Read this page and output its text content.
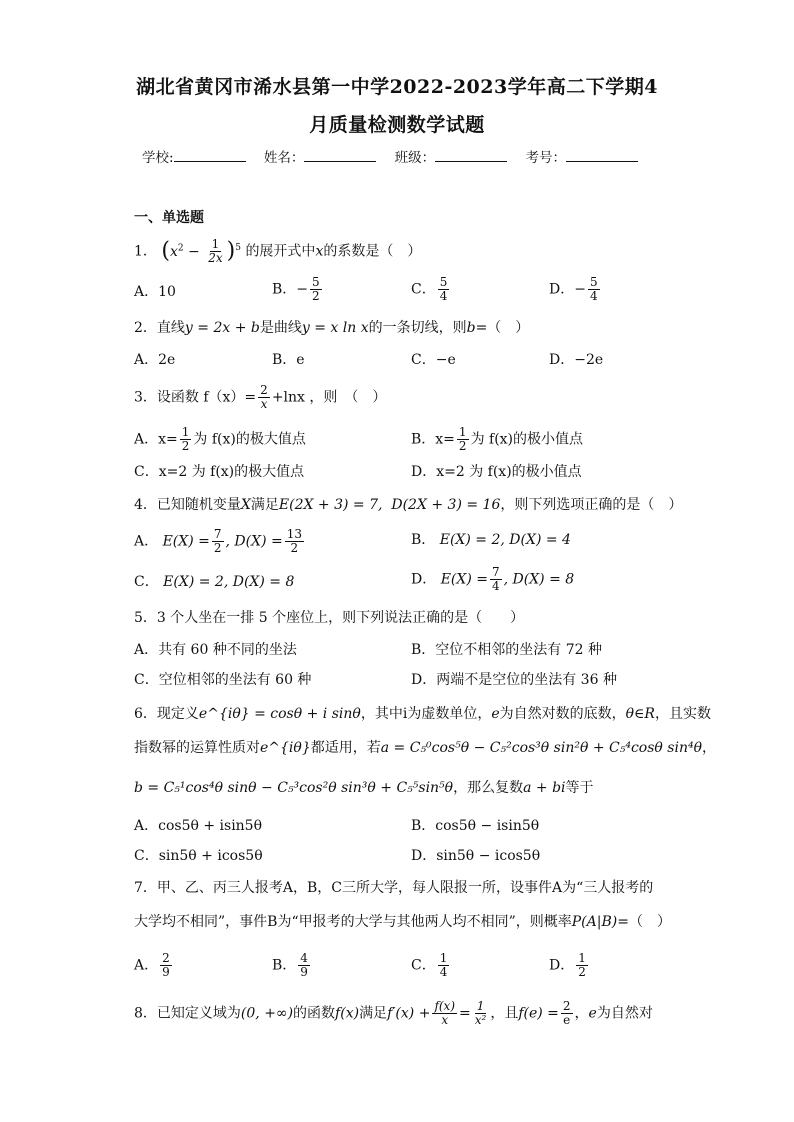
湖北省黄冈市浠水县第一中学2022-2023学年高二下学期4
月质量检测数学试题
学校:	姓名：	班级：	考号：
一、单选题
1． $(x^2 - \frac{1}{2x} )^5$ 的展开式中x的系数是（　）
A．10	B．− $\frac{5}{2}$	C． $\frac{5}{4}$	D．− $\frac{5}{4}$
2．直线y = 2x + b是曲线y = x ln x的一条切线，则b=（　）
A．2e	B．e	C．−e	D．−2e
3．设函数 $f(x)= \frac{2}{x} +\ln x$ ，则　（　）
A．$x= \frac{1}{2}$ 为 f(x)的极大值点	B．$x= \frac{1}{2}$ 为 f(x)的极小值点
C．x=2 为 f(x)的极大值点	D．x=2 为 f(x)的极小值点
4．已知随机变量X满足E(2X + 3) = 7, D(2X + 3) = 16，则下列选项正确的是（　）
A． $E(X) = \frac{7}{2}$ , $D(X) = \frac{13}{2}$	B． E(X) = 2, D(X) = 4
C． E(X) = 2, D(X) = 8	D． $E(X) = \frac{7}{4}$ , D(X) = 8
5．3 个人坐在一排 5 个座位上，则下列说法正确的是（　　）
A．共有 60 种不同的坐法	B．空位不相邻的坐法有 72 种
C．空位相邻的坐法有 60 种	D．两端不是空位的坐法有 36 种
6．现定义e^{iθ} = cosθ + i sinθ，其中i为虚数单位，e为自然对数的底数，θ∈R，且实数
指数幂的运算性质对e^{iθ}都适用，若a = C₅⁰cos⁵θ − C₅²cos³θ sin²θ + C₅⁴cosθ sin⁴θ，
b = C₅¹cos⁴θ sinθ − C₅³cos²θ sin³θ + C₅⁵sin⁵θ，那么复数a + bi等于
A．cos5θ + isin5θ	B．cos5θ − isin5θ
C．sin5θ + icos5θ	D．sin5θ − icos5θ
7．甲、乙、丙三人报考A，B，C三所大学，每人限报一所，设事件A为“三人报考的
大学均不相同”，事件B为“甲报考的大学与其他两人均不相同”，则概率P(A|B)=（　）
A． $\frac{2}{9}$	B． $\frac{4}{9}$	C． $\frac{1}{4}$	D． $\frac{1}{2}$
8．已知定义域为(0, +∞)的函数f(x)满足$f'(x) + \frac{f(x)}{x} = \frac{1}{\text{x²}}$ ，且$f(e) = \frac{2}{e}$ ，e为自然对
